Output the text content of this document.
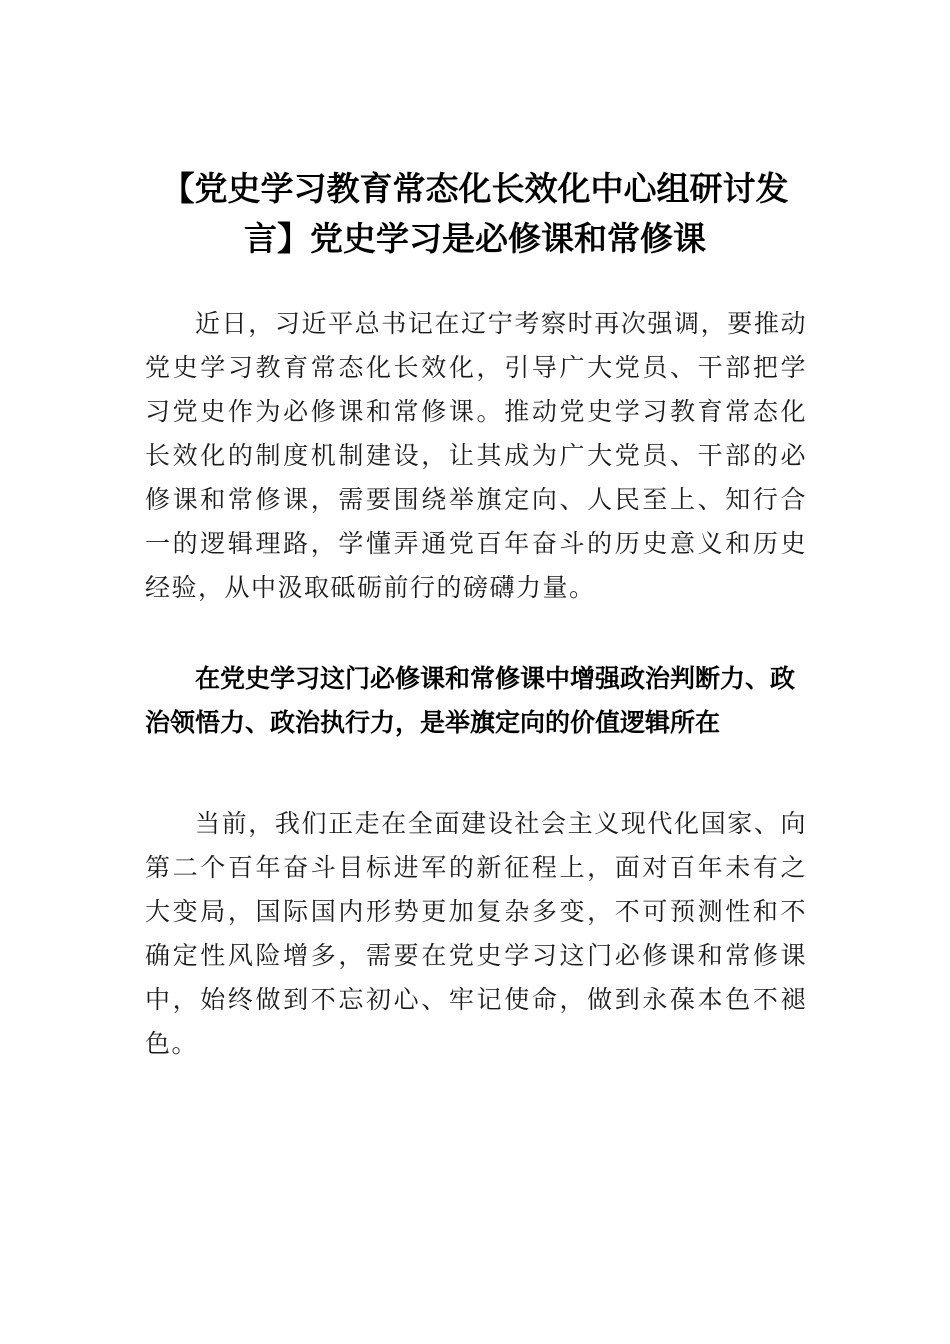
【党史学习教育常态化长效化中心组研讨发言】党史学习是必修课和常修课

近日，习近平总书记在辽宁考察时再次强调，要推动党史学习教育常态化长效化，引导广大党员、干部把学习党史作为必修课和常修课。推动党史学习教育常态化长效化的制度机制建设，让其成为广大党员、干部的必修课和常修课，需要围绕举旗定向、人民至上、知行合一的逻辑理路，学懂弄通党百年奋斗的历史意义和历史经验，从中汲取砥砺前行的磅礴力量。

在党史学习这门必修课和常修课中增强政治判断力、政治领悟力、政治执行力，是举旗定向的价值逻辑所在

当前，我们正走在全面建设社会主义现代化国家、向第二个百年奋斗目标进军的新征程上，面对百年未有之大变局，国际国内形势更加复杂多变，不可预测性和不确定性风险增多，需要在党史学习这门必修课和常修课中，始终做到不忘初心、牢记使命，做到永葆本色不褪色。
